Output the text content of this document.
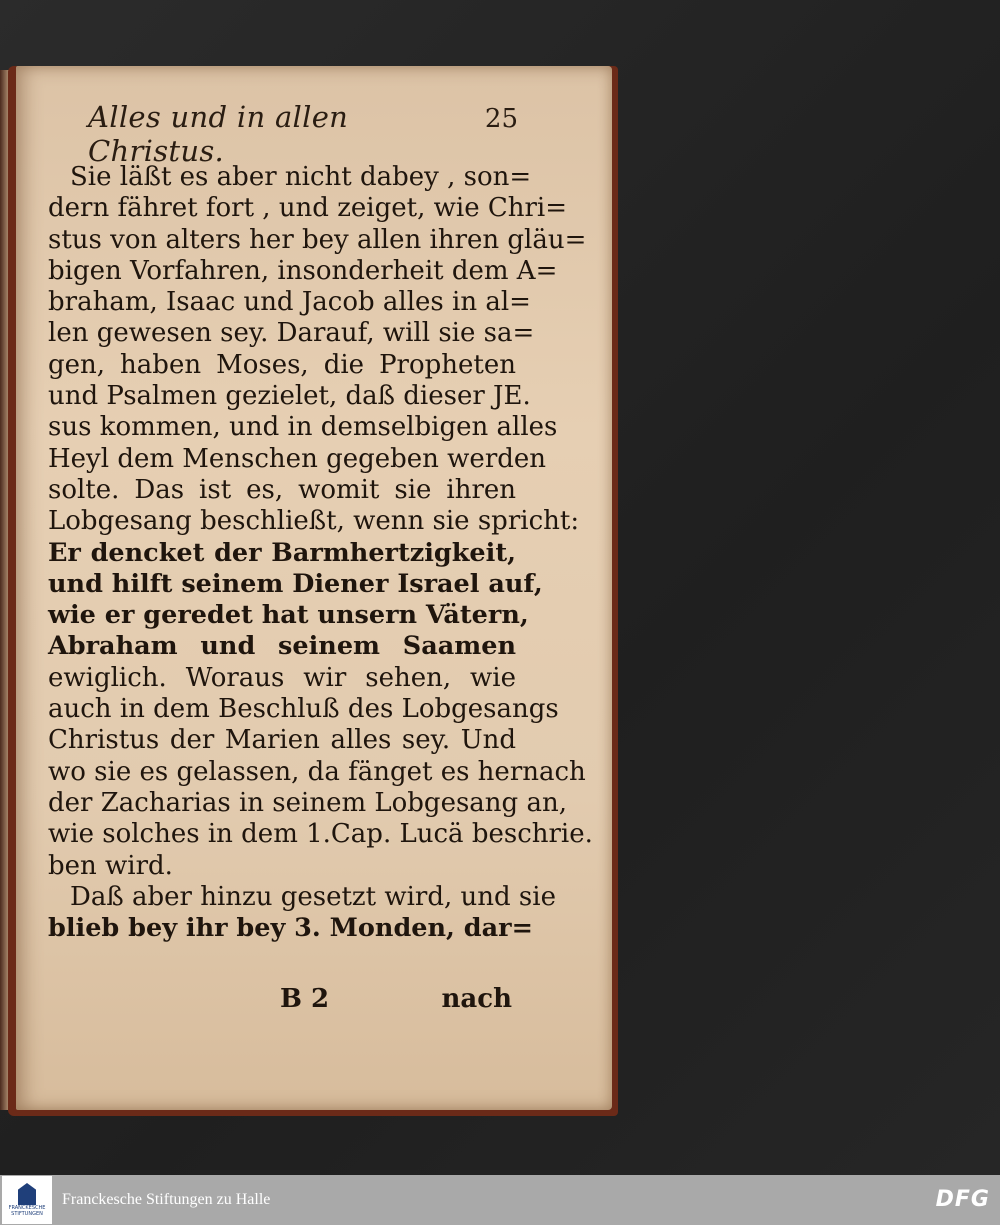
Alles und in allen Christus.
25
Sie läßt es aber nicht dabey , son=
dern fähret fort , und zeiget, wie Chri=
stus von alters her bey allen ihren gläu=
bigen Vorfahren, insonderheit dem A=
braham, Isaac und Jacob alles in al=
len gewesen sey. Darauf, will sie sa=
gen, haben Moses, die Propheten
und Psalmen gezielet, daß dieser JE.
sus kommen, und in demselbigen alles
Heyl dem Menschen gegeben werden
solte. Das ist es, womit sie ihren
Lobgesang beschließt, wenn sie spricht:
Er dencket der Barmhertzigkeit,
und hilft seinem Diener Israel auf,
wie er geredet hat unsern Vätern,
Abraham und seinem Saamen
ewiglich. Woraus wir sehen, wie
auch in dem Beschluß des Lobgesangs
Christus der Marien alles sey. Und
wo sie es gelassen, da fänget es hernach
der Zacharias in seinem Lobgesang an,
wie solches in dem 1.Cap. Lucä beschrie.
ben wird.
Daß aber hinzu gesetzt wird, und sie
blieb bey ihr bey 3. Monden, dar=
B 2	nach
FRANCKESCHE STIFTUNGEN
Franckesche Stiftungen zu Halle	DFG
